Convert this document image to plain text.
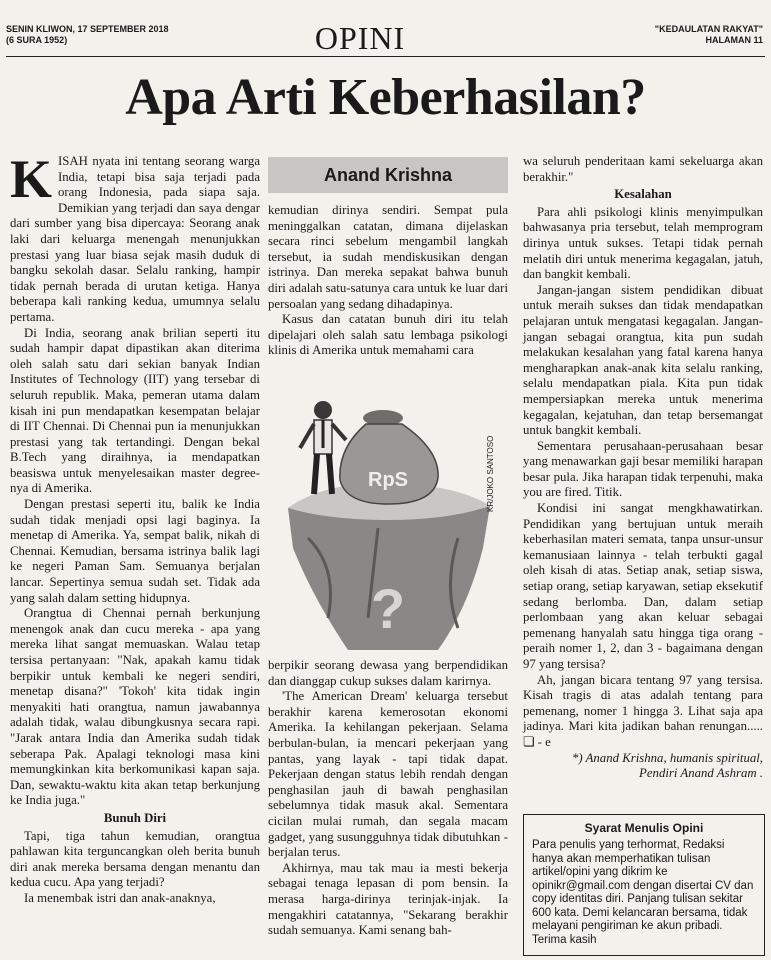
SENIN KLIWON, 17 SEPTEMBER 2018
(6 SURA 1952)	OPINI	"KEDAULATAN RAKYAT"
HALAMAN 11
Apa Arti Keberhasilan?

KISAH nyata ini tentang seorang warga India, tetapi bisa saja terjadi pada orang Indonesia, pada siapa saja. Demikian yang terjadi dan saya dengar dari sumber yang bisa dipercaya: Seorang anak laki dari keluarga menengah menunjukkan prestasi yang luar biasa sejak masih duduk di bangku sekolah dasar. Selalu ranking, hampir tidak pernah berada di urutan ketiga. Hanya beberapa kali ranking kedua, umumnya selalu pertama.

Di India, seorang anak brilian seperti itu sudah hampir dapat dipastikan akan diterima oleh salah satu dari sekian banyak Indian Institutes of Technology (IIT) yang tersebar di seluruh republik. Maka, pemeran utama dalam kisah ini pun mendapatkan kesempatan belajar di IIT Chennai. Di Chennai pun ia menunjukkan prestasi yang tak tertandingi. Dengan bekal B.Tech yang diraihnya, ia mendapatkan beasiswa untuk menyelesaikan master degree-nya di Amerika.

Dengan prestasi seperti itu, balik ke India sudah tidak menjadi opsi lagi baginya. Ia menetap di Amerika. Ya, sempat balik, nikah di Chennai. Kemudian, bersama istrinya balik lagi ke negeri Paman Sam. Semuanya berjalan lancar. Sepertinya semua sudah set. Tidak ada yang salah dalam setting hidupnya.

Orangtua di Chennai pernah berkunjung menengok anak dan cucu mereka - apa yang mereka lihat sangat memuaskan. Walau tetap tersisa pertanyaan: "Nak, apakah kamu tidak berpikir untuk kembali ke negeri sendiri, menetap disana?" 'Tokoh' kita tidak ingin menyakiti hati orangtua, namun jawabannya adalah tidak, walau dibungkusnya secara rapi. "Jarak antara India dan Amerika sudah tidak seberapa Pak. Apalagi teknologi masa kini memungkinkan kita berkomunikasi kapan saja. Dan, sewaktu-waktu kita akan tetap berkunjung ke India juga."

Bunuh Diri

Tapi, tiga tahun kemudian, orangtua pahlawan kita terguncangkan oleh berita bunuh diri anak mereka bersama dengan menantu dan kedua cucu. Apa yang terjadi?

Ia menembak istri dan anak-anaknya,

Anand Krishna

kemudian dirinya sendiri. Sempat pula meninggalkan catatan, dimana dijelaskan secara rinci sebelum mengambil langkah tersebut, ia sudah mendiskusikan dengan istrinya. Dan mereka sepakat bahwa bunuh diri adalah satu-satunya cara untuk ke luar dari persoalan yang sedang dihadapinya.

Kasus dan catatan bunuh diri itu telah dipelajari oleh salah satu lembaga psikologi klinis di Amerika untuk memahami cara

?
RpS	KR/JOKO SANTOSO

berpikir seorang dewasa yang berpendidikan dan dianggap cukup sukses dalam karirnya.

'The American Dream' keluarga tersebut berakhir karena kemerosotan ekonomi Amerika. Ia kehilangan pekerjaan. Selama berbulan-bulan, ia mencari pekerjaan yang pantas, yang layak - tapi tidak dapat. Pekerjaan dengan status lebih rendah dengan penghasilan jauh di bawah penghasilan sebelumnya tidak masuk akal. Sementara cicilan mulai rumah, dan segala macam gadget, yang susungguhnya tidak dibutuhkan - berjalan terus.

Akhirnya, mau tak mau ia mesti bekerja sebagai tenaga lepasan di pom bensin. Ia merasa harga-dirinya terinjak-injak. Ia mengakhiri catatannya, "Sekarang berakhir sudah semuanya. Kami senang bah-

wa seluruh penderitaan kami sekeluarga akan berakhir."

Kesalahan

Para ahli psikologi klinis menyimpulkan bahwasanya pria tersebut, telah memprogram dirinya untuk sukses. Tetapi tidak pernah melatih diri untuk menerima kegagalan, jatuh, dan bangkit kembali.

Jangan-jangan sistem pendidikan dibuat untuk meraih sukses dan tidak mendapatkan pelajaran untuk mengatasi kegagalan. Jangan-jangan sebagai orangtua, kita pun sudah melakukan kesalahan yang fatal karena hanya mengharapkan anak-anak kita selalu ranking, selalu mendapatkan piala. Kita pun tidak mempersiapkan mereka untuk menerima kegagalan, kejatuhan, dan tetap bersemangat untuk bangkit kembali.

Sementara perusahaan-perusahaan besar yang menawarkan gaji besar memiliki harapan besar pula. Jika harapan tidak terpenuhi, maka you are fired. Titik.

Kondisi ini sangat mengkhawatirkan. Pendidikan yang bertujuan untuk meraih keberhasilan materi semata, tanpa unsur-unsur kemanusiaan lainnya - telah terbukti gagal oleh kisah di atas. Setiap anak, setiap siswa, setiap orang, setiap karyawan, setiap eksekutif sedang berlomba. Dan, dalam setiap perlombaan yang akan keluar sebagai pemenang hanyalah satu hingga tiga orang - peraih nomer 1, 2, dan 3 - bagaimana dengan 97 yang tersisa?

Ah, jangan bicara tentang 97 yang tersisa. Kisah tragis di atas adalah tentang para pemenang, nomer 1 hingga 3. Lihat saja apa jadinya. Mari kita jadikan bahan renungan..... ❏ - e

*) Anand Krishna, humanis spiritual,
Pendiri Anand Ashram .
Syarat Menulis Opini
Para penulis yang terhormat, Redaksi hanya akan memperhatikan tulisan artikel/opini yang dikrim ke opinikr@gmail.com dengan disertai CV dan copy identitas diri. Panjang tulisan sekitar 600 kata. Demi kelancaran bersama, tidak melayani pengiriman ke akun pribadi. Terima kasih
